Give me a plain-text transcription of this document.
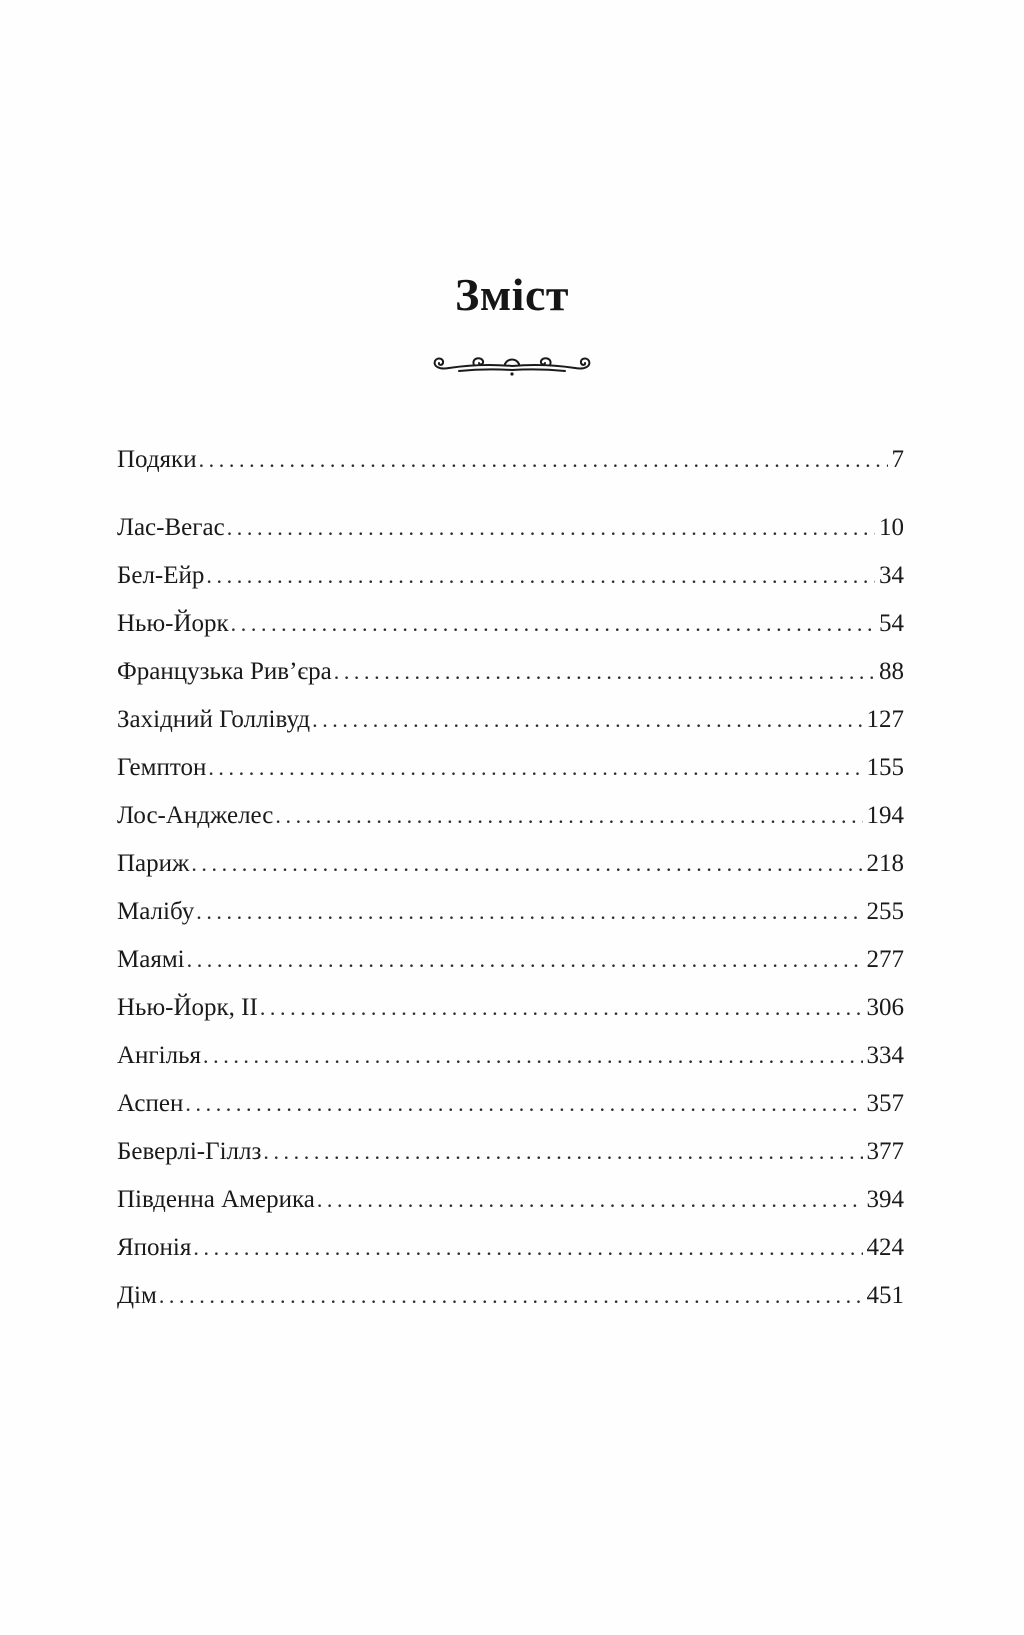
Зміст
Подяки .....	7
Лас-Вегас .....	10
Бел-Ейр .....	34
Нью-Йорк .....	54
Французька Рив’єра .....	88
Західний Голлівуд .....	127
Гемптон .....	155
Лос-Анджелес .....	194
Париж .....	218
Малібу .....	255
Маямі .....	277
Нью-Йорк, II .....	306
Ангілья .....	334
Аспен .....	357
Беверлі-Гіллз .....	377
Південна Америка .....	394
Японія .....	424
Дім .....	451
